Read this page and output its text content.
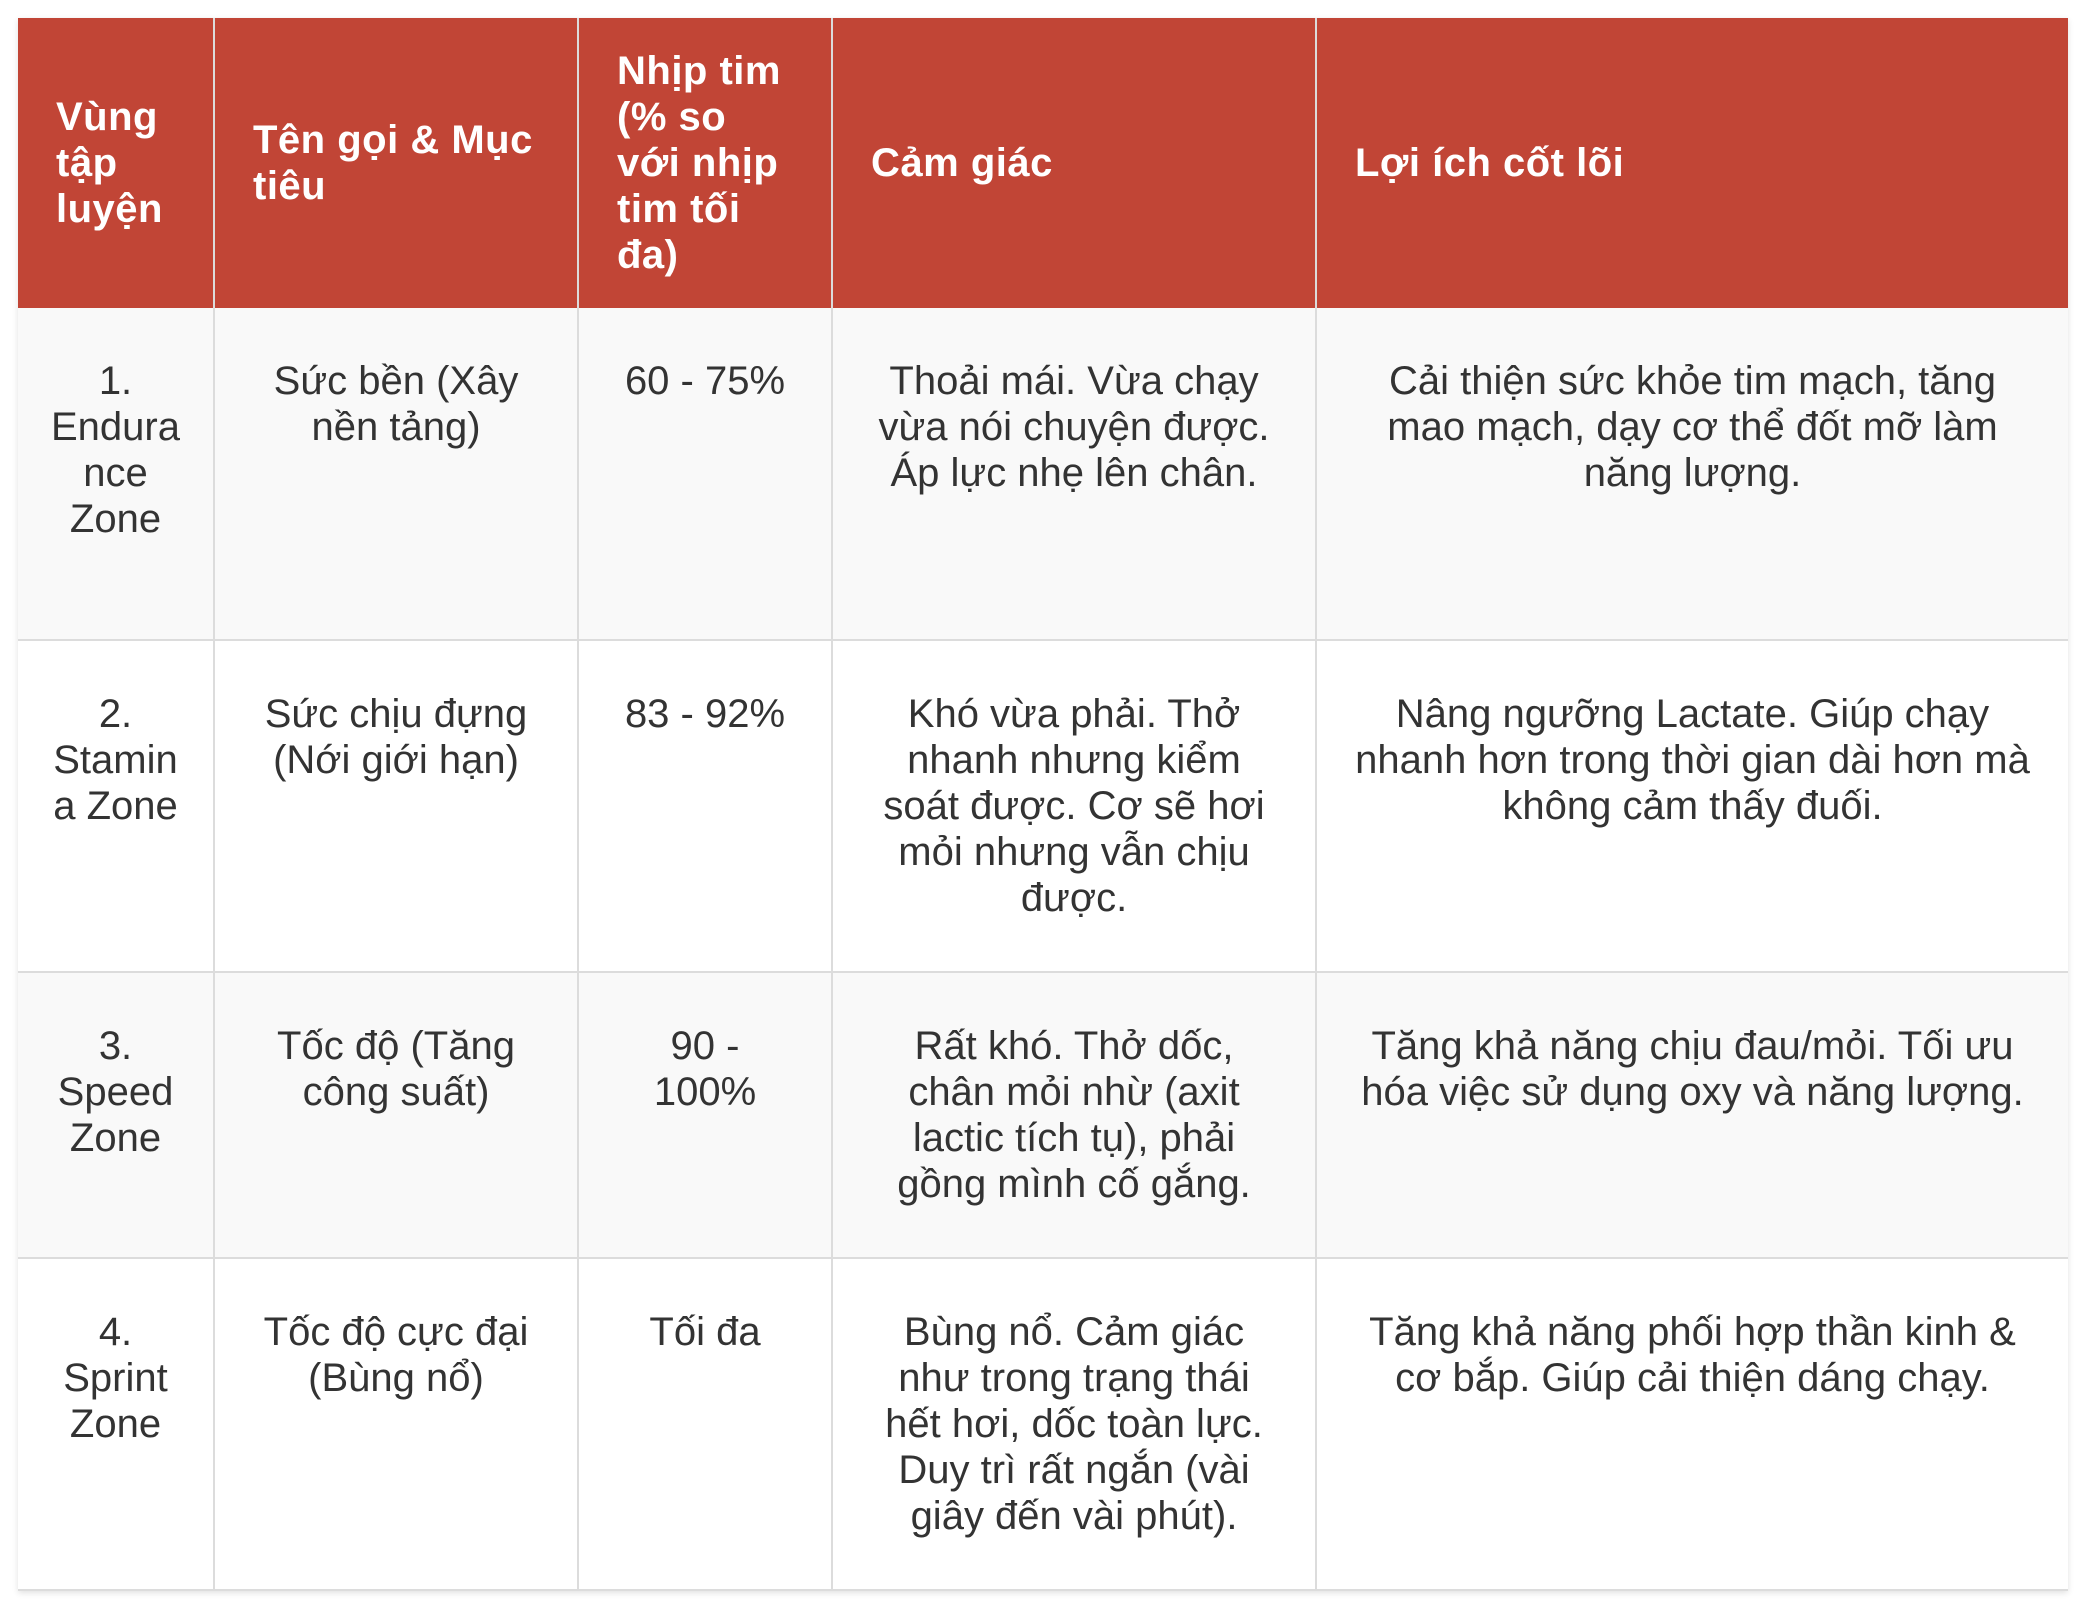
Vùng tập luyện	Tên gọi & Mục tiêu	Nhịp tim (% so với nhịp tim tối đa)	Cảm giác	Lợi ích cốt lõi
1. Endurance Zone	Sức bền (Xây nền tảng)	60 - 75%	Thoải mái. Vừa chạy vừa nói chuyện được. Áp lực nhẹ lên chân.	Cải thiện sức khỏe tim mạch, tăng mao mạch, dạy cơ thể đốt mỡ làm năng lượng.
2. Stamina Zone	Sức chịu đựng (Nới giới hạn)	83 - 92%	Khó vừa phải. Thở nhanh nhưng kiểm soát được. Cơ sẽ hơi mỏi nhưng vẫn chịu được.	Nâng ngưỡng Lactate. Giúp chạy nhanh hơn trong thời gian dài hơn mà không cảm thấy đuối.
3. Speed Zone	Tốc độ (Tăng công suất)	90 - 100%	Rất khó. Thở dốc, chân mỏi nhừ (axit lactic tích tụ), phải gồng mình cố gắng.	Tăng khả năng chịu đau/mỏi. Tối ưu hóa việc sử dụng oxy và năng lượng.
4. Sprint Zone	Tốc độ cực đại (Bùng nổ)	Tối đa	Bùng nổ. Cảm giác như trong trạng thái hết hơi, dốc toàn lực. Duy trì rất ngắn (vài giây đến vài phút).	Tăng khả năng phối hợp thần kinh & cơ bắp. Giúp cải thiện dáng chạy.
